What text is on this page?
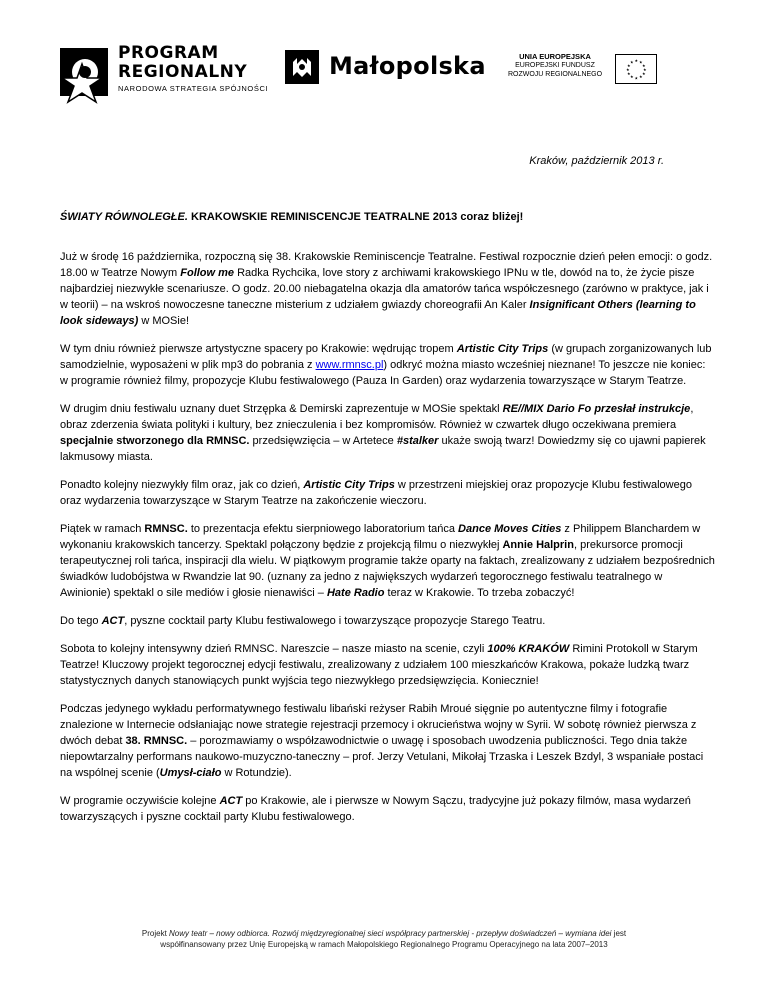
PROGRAM
REGIONALNY
NARODOWA STRATEGIA SPÓJNOŚCI
Małopolska	UNIA EUROPEJSKA
EUROPEJSKI FUNDUSZ
ROZWOJU REGIONALNEGO
★ ★
★
★
★
★
★
★
★
★
★
★
Kraków, październik 2013 r.

ŚWIATY RÓWNOLEGŁE. KRAKOWSKIE REMINISCENCJE TEATRALNE 2013 coraz bliżej!

Już w środę 16 października, rozpoczną się 38. Krakowskie Reminiscencje Teatralne. Festiwal rozpocznie dzień pełen emocji: o godz. 18.00 w Teatrze Nowym Follow me Radka Rychcika, love story z archiwami krakowskiego IPNu w tle, dowód na to, że życie pisze najbardziej niezwykłe scenariusze. O godz. 20.00 niebagatelna okazja dla amatorów tańca współczesnego (zarówno w praktyce, jak i w teorii) – na wskroś nowoczesne taneczne misterium z udziałem gwiazdy choreografii An Kaler Insignificant Others (learning to look sideways) w MOSie!

W tym dniu również pierwsze artystyczne spacery po Krakowie: wędrując tropem Artistic City Trips (w grupach zorganizowanych lub samodzielnie, wyposażeni w plik mp3 do pobrania z www.rmnsc.pl) odkryć można miasto wcześniej nieznane! To jeszcze nie koniec: w programie również filmy, propozycje Klubu festiwalowego (Pauza In Garden) oraz wydarzenia towarzyszące w Starym Teatrze.

W drugim dniu festiwalu uznany duet Strzępka & Demirski zaprezentuje w MOSie spektakl RE//MIX Dario Fo przesłał instrukcje, obraz zderzenia świata polityki i kultury, bez znieczulenia i bez kompromisów. Również w czwartek długo oczekiwana premiera specjalnie stworzonego dla RMNSC. przedsięwzięcia – w Artetece #stalker ukaże swoją twarz! Dowiedzmy się co ujawni papierek lakmusowy miasta.

Ponadto kolejny niezwykły film oraz, jak co dzień, Artistic City Trips w przestrzeni miejskiej oraz propozycje Klubu festiwalowego oraz wydarzenia towarzyszące w Starym Teatrze na zakończenie wieczoru.

Piątek w ramach RMNSC. to prezentacja efektu sierpniowego laboratorium tańca Dance Moves Cities z Philippem Blanchardem w wykonaniu krakowskich tancerzy. Spektakl połączony będzie z projekcją filmu o niezwykłej Annie Halprin, prekursorce promocji terapeutycznej roli tańca, inspiracji dla wielu. W piątkowym programie także oparty na faktach, zrealizowany z udziałem bezpośrednich świadków ludobójstwa w Rwandzie lat 90. (uznany za jedno z największych wydarzeń tegorocznego festiwalu teatralnego w Awinionie) spektakl o sile mediów i głosie nienawiści – Hate Radio teraz w Krakowie. To trzeba zobaczyć!

Do tego ACT, pyszne cocktail party Klubu festiwalowego i towarzyszące propozycje Starego Teatru.

Sobota to kolejny intensywny dzień RMNSC. Nareszcie – nasze miasto na scenie, czyli 100% KRAKÓW Rimini Protokoll w Starym Teatrze! Kluczowy projekt tegorocznej edycji festiwalu, zrealizowany z udziałem 100 mieszkańców Krakowa, pokaże ludzką twarz statystycznych danych stanowiących punkt wyjścia tego niezwykłego przedsięwzięcia. Koniecznie!

Podczas jedynego wykładu performatywnego festiwalu libański reżyser Rabih Mroué sięgnie po autentyczne filmy i fotografie znalezione w Internecie odsłaniając nowe strategie rejestracji przemocy i okrucieństwa wojny w Syrii. W sobotę również pierwsza z dwóch debat 38. RMNSC. – porozmawiamy o współzawodnictwie o uwagę i sposobach uwodzenia publiczności. Tego dnia także niepowtarzalny performans naukowo-muzyczno-taneczny – prof. Jerzy Vetulani, Mikołaj Trzaska i Leszek Bzdyl, 3 wspaniałe postaci na wspólnej scenie (Umysł-ciało w Rotundzie).

W programie oczywiście kolejne ACT po Krakowie, ale i pierwsze w Nowym Sączu, tradycyjne już pokazy filmów, masa wydarzeń towarzyszących i pyszne cocktail party Klubu festiwalowego.

Projekt Nowy teatr – nowy odbiorca. Rozwój międzyregionalnej sieci współpracy partnerskiej - przepływ doświadczeń – wymiana idei jest
współfinansowany przez Unię Europejską w ramach Małopolskiego Regionalnego Programu Operacyjnego na lata 2007–2013
